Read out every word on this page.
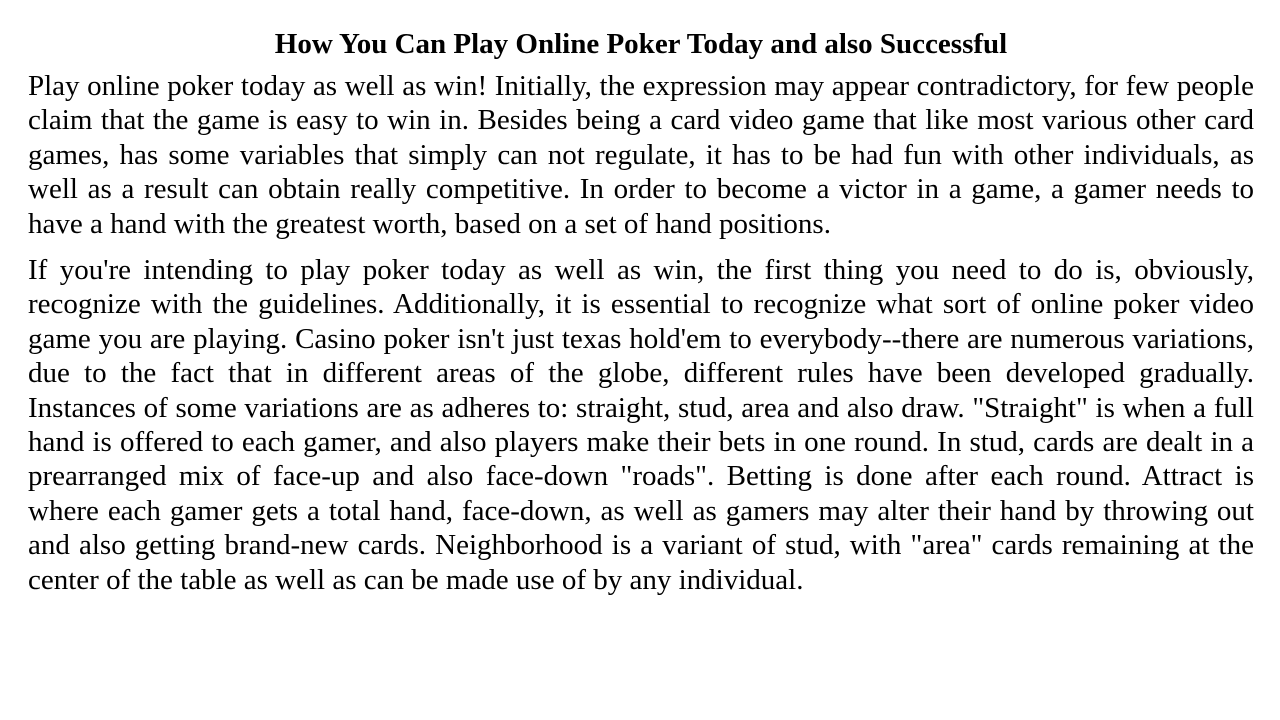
How You Can Play Online Poker Today and also Successful

Play online poker today as well as win! Initially, the expression may appear contradictory, for few people claim that the game is easy to win in. Besides being a card video game that like most various other card games, has some variables that simply can not regulate, it has to be had fun with other individuals, as well as a result can obtain really competitive. In order to become a victor in a game, a gamer needs to have a hand with the greatest worth, based on a set of hand positions.

If you're intending to play poker today as well as win, the first thing you need to do is, obviously, recognize with the guidelines. Additionally, it is essential to recognize what sort of online poker video game you are playing. Casino poker isn't just texas hold'em to everybody--there are numerous variations, due to the fact that in different areas of the globe, different rules have been developed gradually. Instances of some variations are as adheres to: straight, stud, area and also draw. "Straight" is when a full hand is offered to each gamer, and also players make their bets in one round. In stud, cards are dealt in a prearranged mix of face-up and also face-down "roads". Betting is done after each round. Attract is where each gamer gets a total hand, face-down, as well as gamers may alter their hand by throwing out and also getting brand-new cards. Neighborhood is a variant of stud, with "area" cards remaining at the center of the table as well as can be made use of by any individual.
